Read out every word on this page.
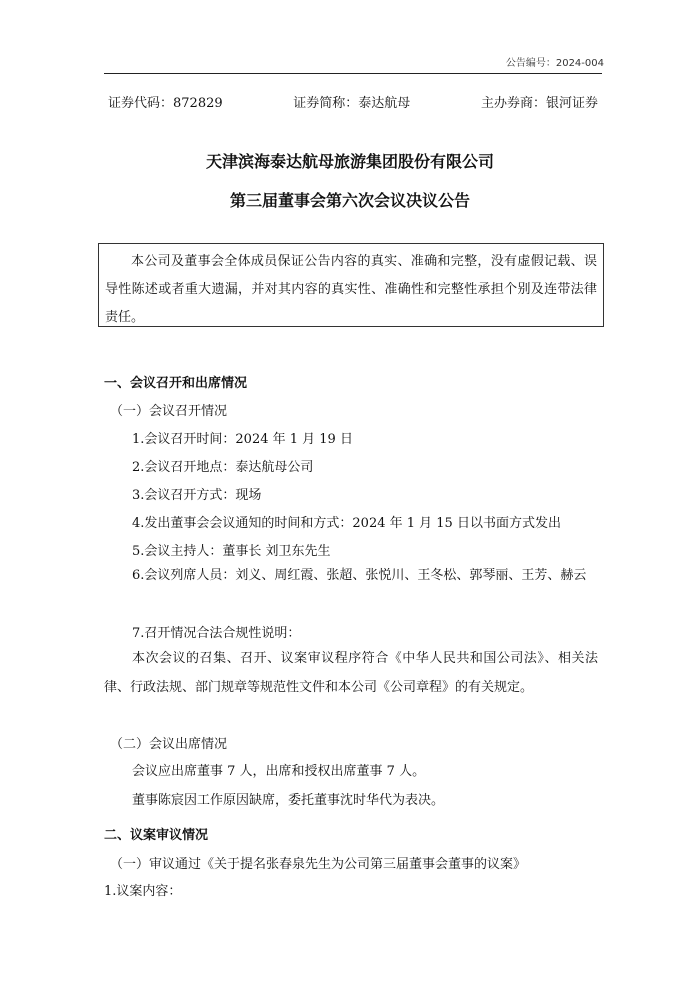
公告编号：2024-004
证券代码：872829	证券简称：泰达航母	主办券商：银河证券
天津滨海泰达航母旅游集团股份有限公司
第三届董事会第六次会议决议公告
本公司及董事会全体成员保证公告内容的真实、准确和完整，没有虚假记载、误导性陈述或者重大遗漏，并对其内容的真实性、准确性和完整性承担个别及连带法律责任。
一、会议召开和出席情况
（一）会议召开情况
1.会议召开时间：2024 年 1 月 19 日
2.会议召开地点：泰达航母公司
3.会议召开方式：现场
4.发出董事会会议通知的时间和方式：2024 年 1 月 15 日以书面方式发出
5.会议主持人：董事长 刘卫东先生
6.会议列席人员：刘义、周红霞、张超、张悦川、王冬松、郭琴丽、王芳、赫云
7.召开情况合法合规性说明：
本次会议的召集、召开、议案审议程序符合《中华人民共和国公司法》、相关法律、行政法规、部门规章等规范性文件和本公司《公司章程》的有关规定。
（二）会议出席情况
会议应出席董事 7 人，出席和授权出席董事 7 人。
董事陈宸因工作原因缺席，委托董事沈时华代为表决。
二、议案审议情况
（一）审议通过《关于提名张春泉先生为公司第三届董事会董事的议案》
1.议案内容：
